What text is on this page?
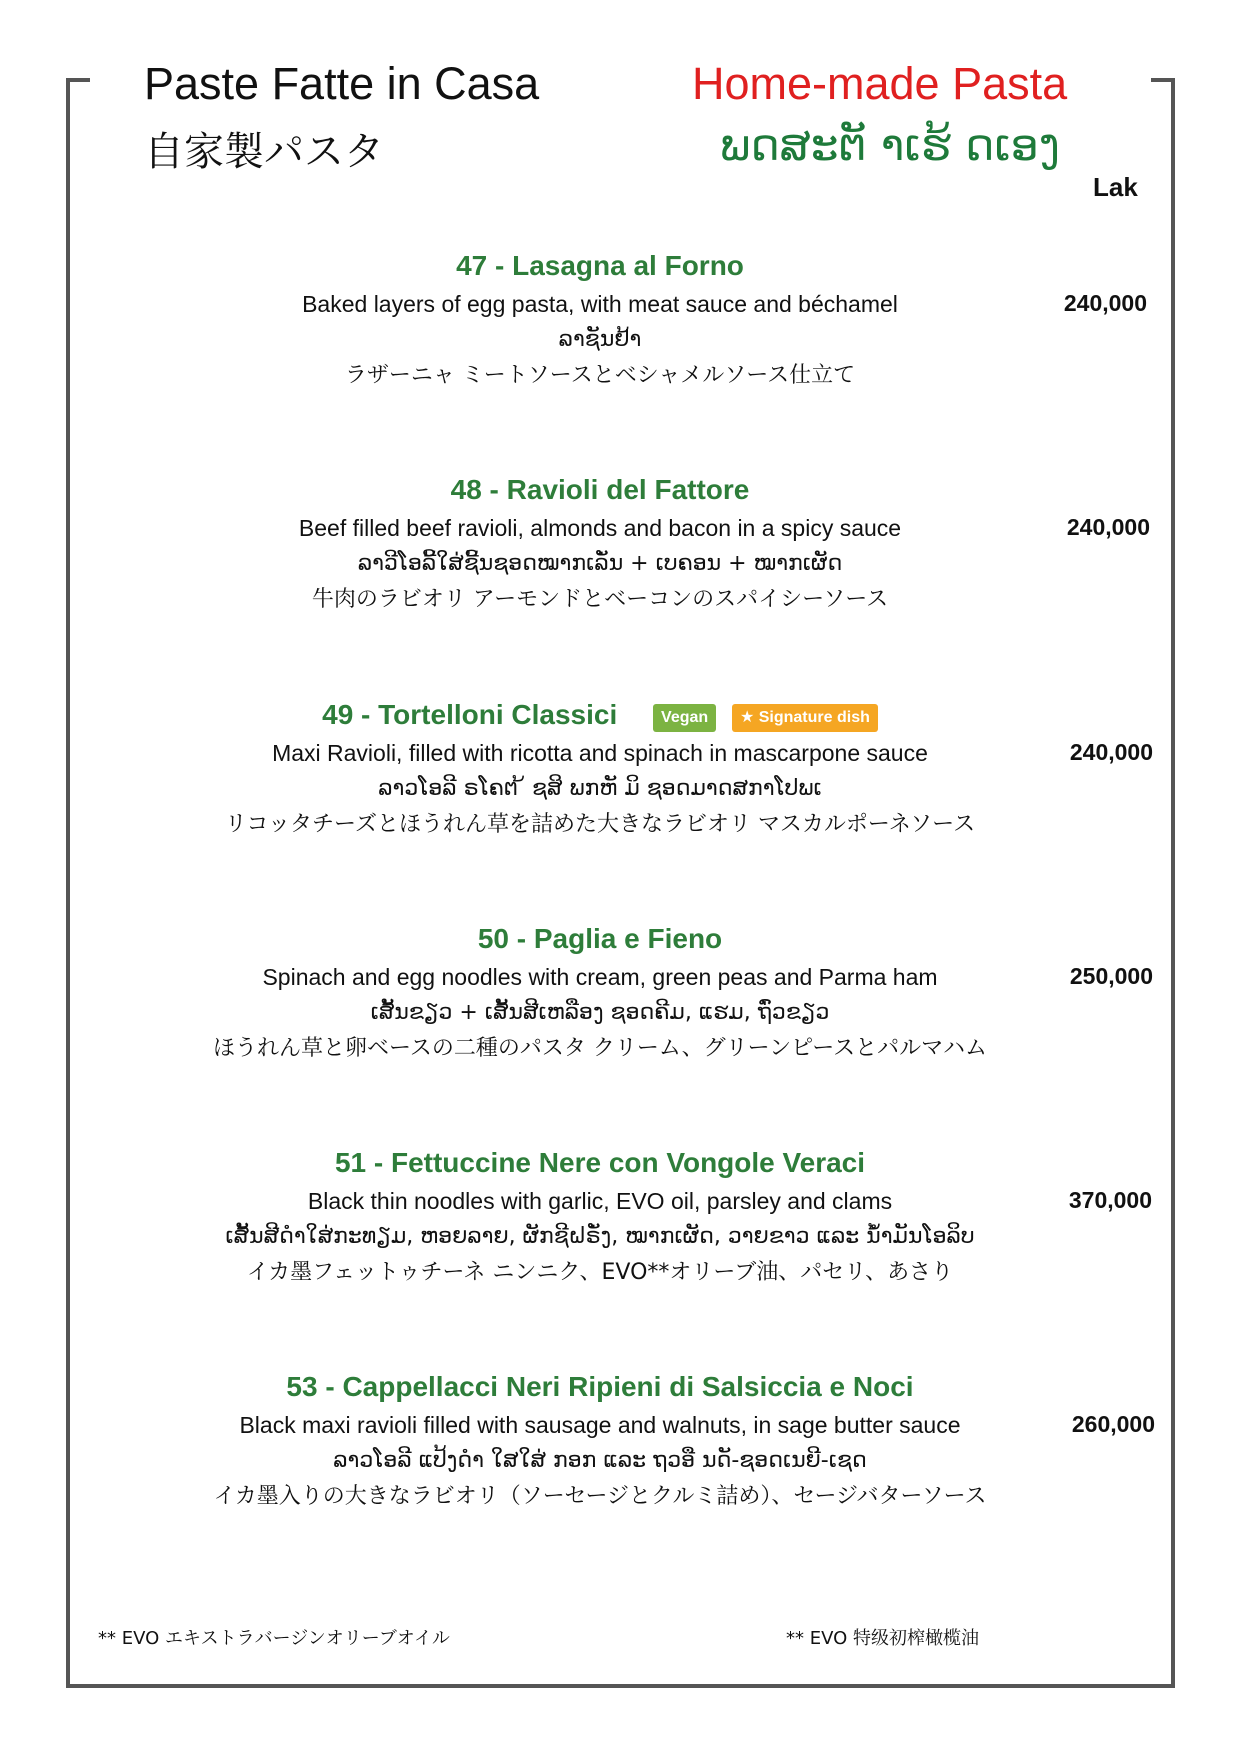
Paste Fatte in Casa
自家製パスタ
Home-made Pasta
ພດສະຕັ າເຮ້ ດເອງ
Lak
47 - Lasagna al Forno
Baked layers of egg pasta, with meat sauce and béchamel
ລາຊັນຢ້າ
ラザーニャ ミートソースとベシャメルソース仕立て
240,000
48 - Ravioli del Fattore
Beef filled beef ravioli, almonds and bacon in a spicy sauce
ລາວີໂອລີ້ໃສ່ຊີ້ນຊອດໝາກເລັ່ນ + ເບຄອນ + ໝາກເຜັດ
牛肉のラビオリ アーモンドとベーコンのスパイシーソース
240,000
49 - Tortelloni Classici	Vegan ★ Signature dish
Maxi Ravioli, filled with ricotta and spinach in mascarpone sauce
ລາວໂອລີ ຣໂຄຕ ້ ຊສິ ພກຫັ ມິ ຊອດມາດສກາໂປພເ
リコッタチーズとほうれん草を詰めた大きなラビオリ マスカルポーネソース
240,000
50 - Paglia e Fieno
Spinach and egg noodles with cream, green peas and Parma ham
ເສັ້ນຂຽວ + ເສັ້ນສີເຫລືອງ ຊອດຄີມ, ແຮມ, ຖົ່ວຂຽວ
ほうれん草と卵ベースの二種のパスタ クリーム、グリーンピースとパルマハム
250,000
51 - Fettuccine Nere con Vongole Veraci
Black thin noodles with garlic, EVO oil, parsley and clams
ເສັ້ນສີດຳໃສ່ກະທຽມ, ຫອຍລາຍ, ຜັກຊີຝຣັ່ງ, ໝາກເຜັດ, ວາຍຂາວ ແລະ ນ້ຳມັນໂອລິບ
イカ墨フェットゥチーネ ニンニク、EVO**オリーブ油、パセリ、あさり
370,000
53 - Cappellacci Neri Ripieni di Salsiccia e Noci
Black maxi ravioli filled with sausage and walnuts, in sage butter sauce
ລາວໂອລີ ແປ້ງດໍາ ໃສໃສ່ ກອກ ແລະ ຖວອື ນດັ-ຊອດເນຍີ-ເຊດ
イカ墨入りの大きなラビオリ（ソーセージとクルミ詰め）、セージバターソース
260,000
** EVO エキストラバージンオリーブオイル	** EVO 特级初榨橄榄油
